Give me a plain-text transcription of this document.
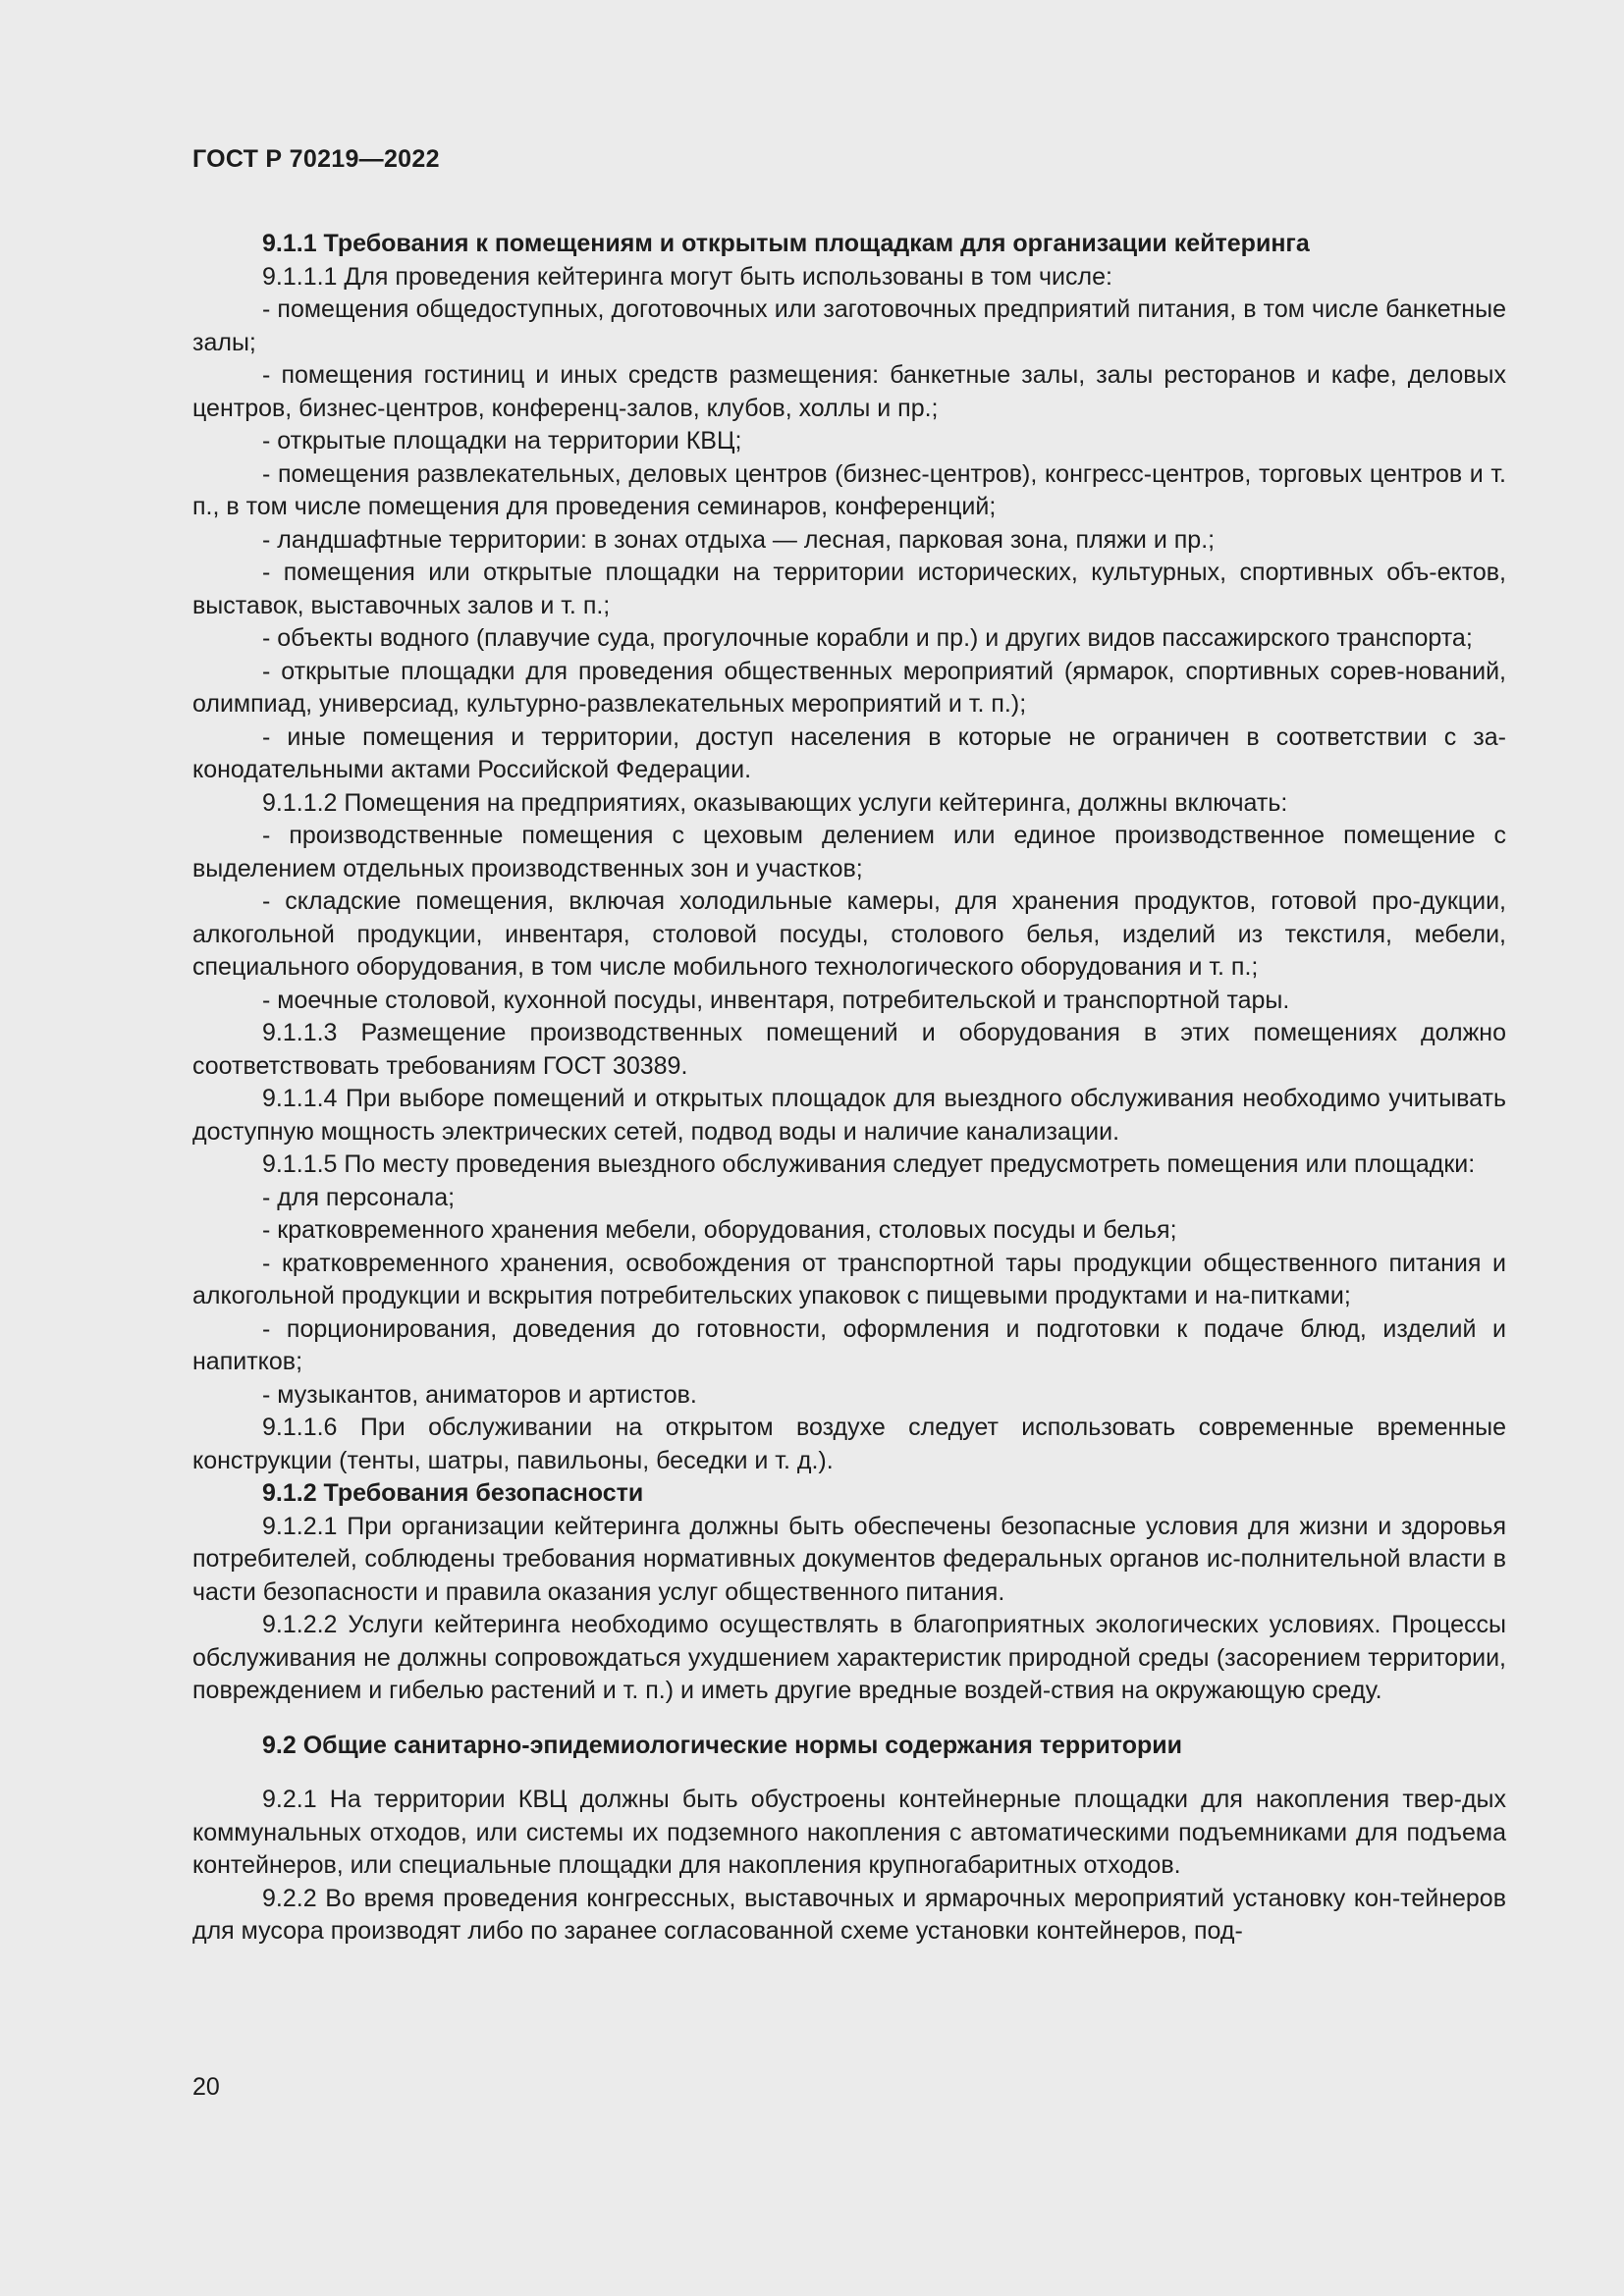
ГОСТ Р 70219—2022

9.1.1 Требования к помещениям и открытым площадкам для организации кейтеринга

9.1.1.1 Для проведения кейтеринга могут быть использованы в том числе:

- помещения общедоступных, доготовочных или заготовочных предприятий питания, в том числе банкетные залы;

- помещения гостиниц и иных средств размещения: банкетные залы, залы ресторанов и кафе, деловых центров, бизнес-центров, конференц-залов, клубов, холлы и пр.;

- открытые площадки на территории КВЦ;

- помещения развлекательных, деловых центров (бизнес-центров), конгресс-центров, торговых центров и т. п., в том числе помещения для проведения семинаров, конференций;

- ландшафтные территории: в зонах отдыха — лесная, парковая зона, пляжи и пр.;

- помещения или открытые площадки на территории исторических, культурных, спортивных объ-ектов, выставок, выставочных залов и т. п.;

- объекты водного (плавучие суда, прогулочные корабли и пр.) и других видов пассажирского транспорта;

- открытые площадки для проведения общественных мероприятий (ярмарок, спортивных сорев-нований, олимпиад, универсиад, культурно-развлекательных мероприятий и т. п.);

- иные помещения и территории, доступ населения в которые не ограничен в соответствии с за-конодательными актами Российской Федерации.

9.1.1.2 Помещения на предприятиях, оказывающих услуги кейтеринга, должны включать:

- производственные помещения с цеховым делением или единое производственное помещение с выделением отдельных производственных зон и участков;

- складские помещения, включая холодильные камеры, для хранения продуктов, готовой про-дукции, алкогольной продукции, инвентаря, столовой посуды, столового белья, изделий из текстиля, мебели, специального оборудования, в том числе мобильного технологического оборудования и т. п.;

- моечные столовой, кухонной посуды, инвентаря, потребительской и транспортной тары.

9.1.1.3 Размещение производственных помещений и оборудования в этих помещениях должно соответствовать требованиям ГОСТ 30389.

9.1.1.4 При выборе помещений и открытых площадок для выездного обслуживания необходимо учитывать доступную мощность электрических сетей, подвод воды и наличие канализации.

9.1.1.5 По месту проведения выездного обслуживания следует предусмотреть помещения или площадки:

- для персонала;

- кратковременного хранения мебели, оборудования, столовых посуды и белья;

- кратковременного хранения, освобождения от транспортной тары продукции общественного питания и алкогольной продукции и вскрытия потребительских упаковок с пищевыми продуктами и на-питками;

- порционирования, доведения до готовности, оформления и подготовки к подаче блюд, изделий и напитков;

- музыкантов, аниматоров и артистов.

9.1.1.6 При обслуживании на открытом воздухе следует использовать современные временные конструкции (тенты, шатры, павильоны, беседки и т. д.).

9.1.2 Требования безопасности

9.1.2.1 При организации кейтеринга должны быть обеспечены безопасные условия для жизни и здоровья потребителей, соблюдены требования нормативных документов федеральных органов ис-полнительной власти в части безопасности и правила оказания услуг общественного питания.

9.1.2.2 Услуги кейтеринга необходимо осуществлять в благоприятных экологических условиях. Процессы обслуживания не должны сопровождаться ухудшением характеристик природной среды (засорением территории, повреждением и гибелью растений и т. п.) и иметь другие вредные воздей-ствия на окружающую среду.

9.2 Общие санитарно-эпидемиологические нормы содержания территории

9.2.1 На территории КВЦ должны быть обустроены контейнерные площадки для накопления твер-дых коммунальных отходов, или системы их подземного накопления с автоматическими подъемниками для подъема контейнеров, или специальные площадки для накопления крупногабаритных отходов.

9.2.2 Во время проведения конгрессных, выставочных и ярмарочных мероприятий установку кон-тейнеров для мусора производят либо по заранее согласованной схеме установки контейнеров, под-

20
